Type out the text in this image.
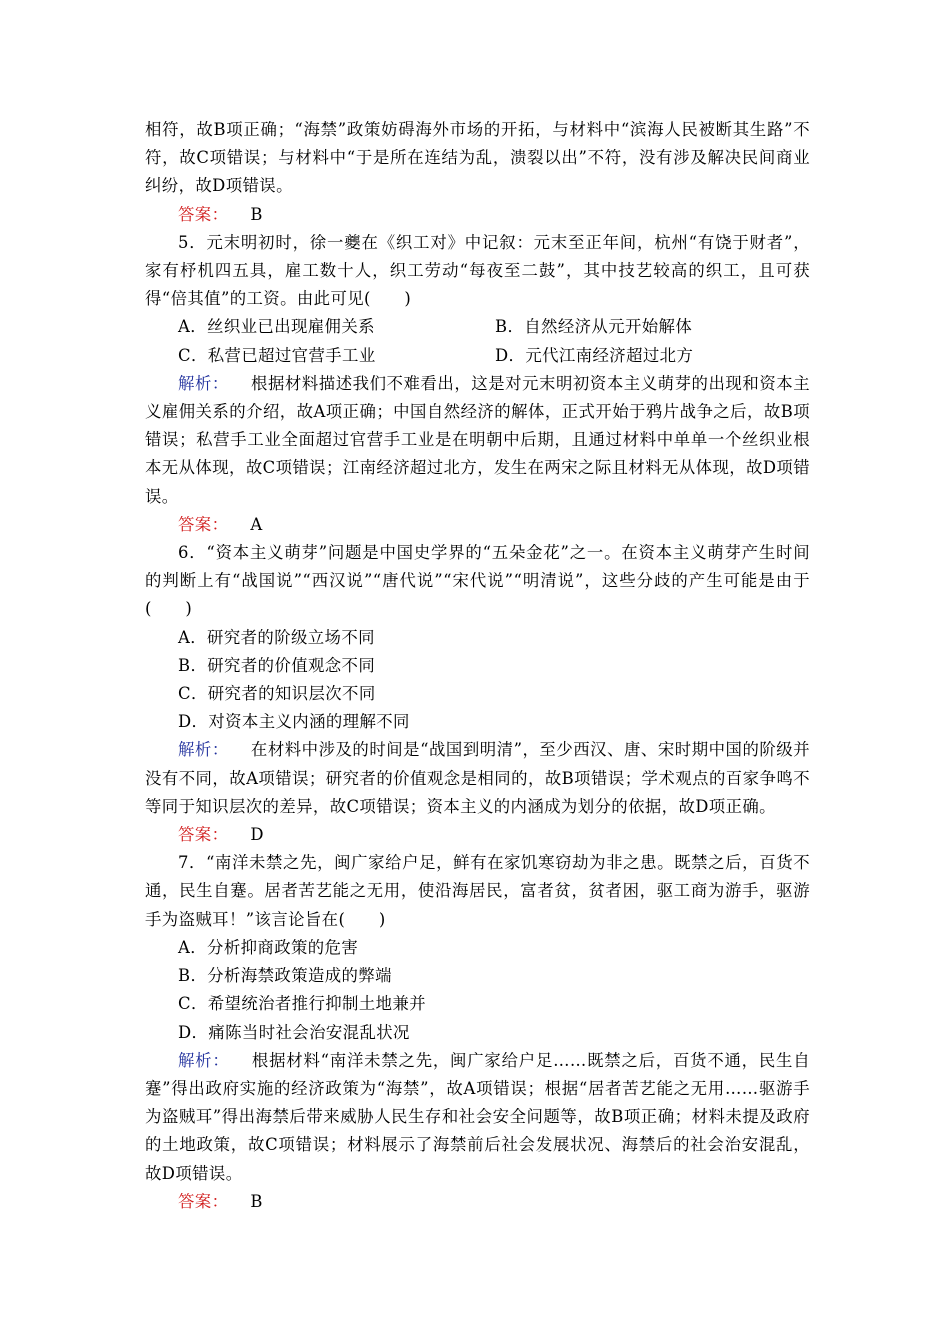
相符，故B项正确；“海禁”政策妨碍海外市场的开拓，与材料中“滨海人民被断其生路”不符，故C项错误；与材料中“于是所在连结为乱，溃裂以出”不符，没有涉及解决民间商业纠纷，故D项错误。

答案： B

5．元末明初时，徐一夔在《织工对》中记叙：元末至正年间，杭州“有饶于财者”，家有杼机四五具，雇工数十人，织工劳动“每夜至二鼓”，其中技艺较高的织工，且可获得“倍其值”的工资。由此可见(　　)

A．丝织业已出现雇佣关系	B．自然经济从元开始解体
C．私营已超过官营手工业	D．元代江南经济超过北方

解析： 根据材料描述我们不难看出，这是对元末明初资本主义萌芽的出现和资本主义雇佣关系的介绍，故A项正确；中国自然经济的解体，正式开始于鸦片战争之后，故B项错误；私营手工业全面超过官营手工业是在明朝中后期，且通过材料中单单一个丝织业根本无从体现，故C项错误；江南经济超过北方，发生在两宋之际且材料无从体现，故D项错误。

答案： A

6．“资本主义萌芽”问题是中国史学界的“五朵金花”之一。在资本主义萌芽产生时间的判断上有“战国说”“西汉说”“唐代说”“宋代说”“明清说”，这些分歧的产生可能是由于(　　)

A．研究者的阶级立场不同

B．研究者的价值观念不同

C．研究者的知识层次不同

D．对资本主义内涵的理解不同

解析： 在材料中涉及的时间是“战国到明清”，至少西汉、唐、宋时期中国的阶级并没有不同，故A项错误；研究者的价值观念是相同的，故B项错误；学术观点的百家争鸣不等同于知识层次的差异，故C项错误；资本主义的内涵成为划分的依据，故D项正确。

答案： D

7．“南洋未禁之先，闽广家给户足，鲜有在家饥寒窃劫为非之患。既禁之后，百货不通，民生自蹇。居者苦艺能之无用，使沿海居民，富者贫，贫者困，驱工商为游手，驱游手为盗贼耳！”该言论旨在(　　)

A．分析抑商政策的危害

B．分析海禁政策造成的弊端

C．希望统治者推行抑制土地兼并

D．痛陈当时社会治安混乱状况

解析： 根据材料“南洋未禁之先，闽广家给户足……既禁之后，百货不通，民生自蹇”得出政府实施的经济政策为“海禁”，故A项错误；根据“居者苦艺能之无用……驱游手为盗贼耳”得出海禁后带来威胁人民生存和社会安全问题等，故B项正确；材料未提及政府的土地政策，故C项错误；材料展示了海禁前后社会发展状况、海禁后的社会治安混乱，故D项错误。

答案： B
